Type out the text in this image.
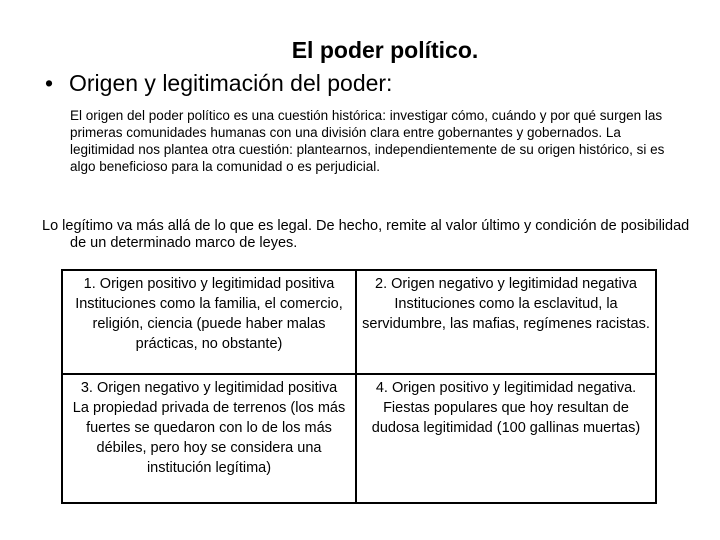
El poder político.
• Origen y legitimación del poder:
El origen del poder político es una cuestión histórica: investigar cómo, cuándo y por qué surgen las primeras comunidades humanas con una división clara entre gobernantes y gobernados. La legitimidad nos plantea otra cuestión: plantearnos, independientemente de su origen histórico, si es algo beneficioso para la comunidad o es perjudicial.
Lo legítimo va más allá de lo que es legal. De hecho, remite al valor último y condición de posibilidad de un determinado marco de leyes.
1. Origen positivo y legitimidad positiva
Instituciones como la familia, el comercio, religión, ciencia (puede haber malas prácticas, no obstante)
2. Origen negativo y legitimidad negativa
Instituciones como la esclavitud, la servidumbre, las mafias, regímenes racistas.
3. Origen negativo y legitimidad positiva
La propiedad privada de terrenos (los más fuertes se quedaron con lo de los más débiles, pero hoy se considera una institución legítima)
4. Origen positivo y legitimidad negativa.
Fiestas populares que hoy resultan de dudosa legitimidad (100 gallinas muertas)
